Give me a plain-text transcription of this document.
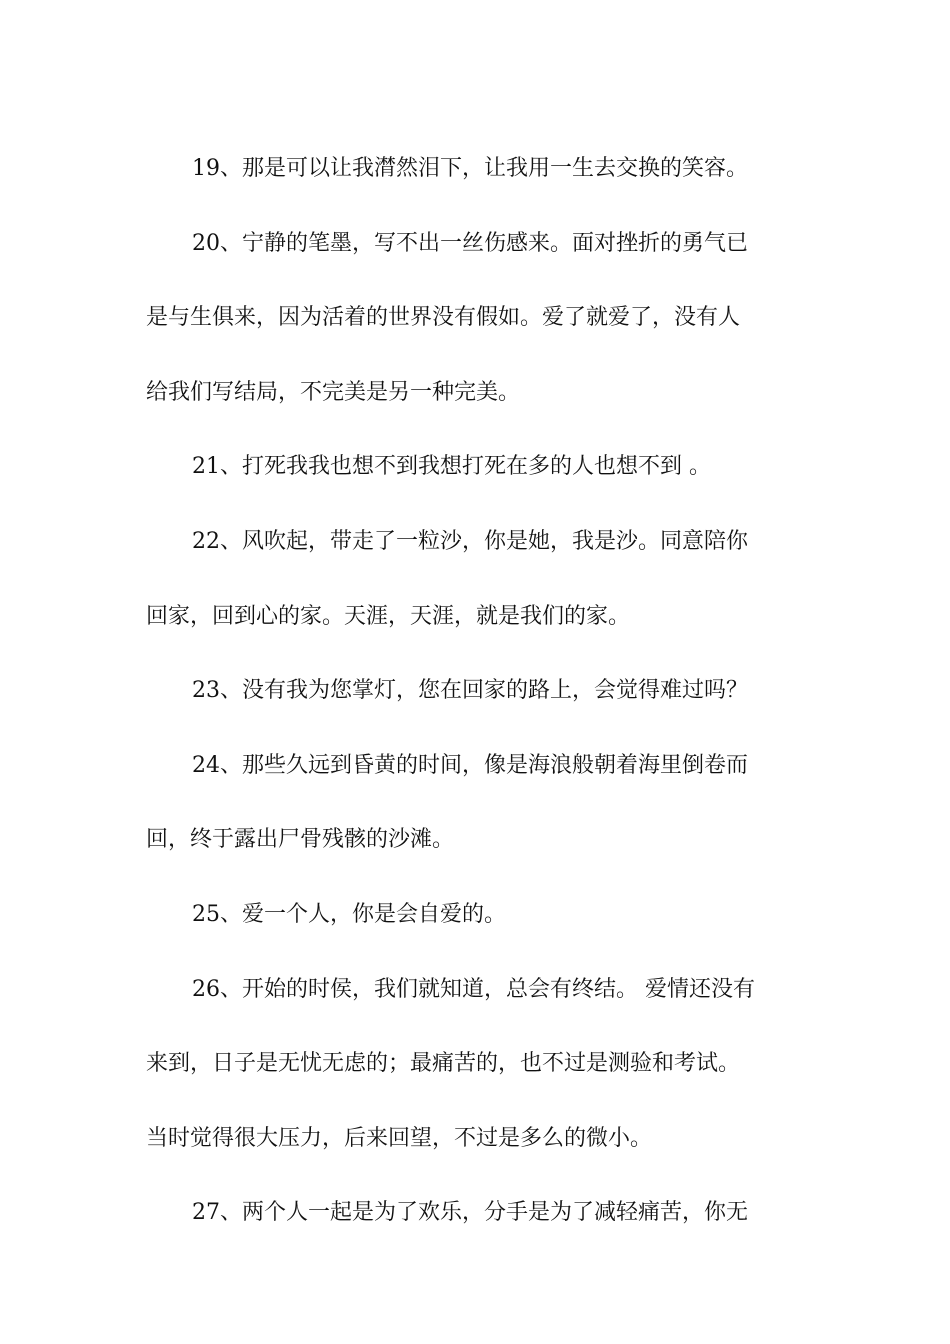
19、那是可以让我潸然泪下，让我用一生去交换的笑容。
20、宁静的笔墨，写不出一丝伤感来。面对挫折的勇气已
是与生俱来，因为活着的世界没有假如。爱了就爱了，没有人
给我们写结局，不完美是另一种完美。
21、打死我我也想不到我想打死在多的人也想不到 。
22、风吹起，带走了一粒沙，你是她，我是沙。同意陪你
回家，回到心的家。天涯，天涯，就是我们的家。
23、没有我为您掌灯，您在回家的路上，会觉得难过吗？
24、那些久远到昏黄的时间，像是海浪般朝着海里倒卷而
回，终于露出尸骨残骸的沙滩。
25、爱一个人，你是会自爱的。
26、开始的时侯，我们就知道，总会有终结。 爱情还没有
来到，日子是无忧无虑的；最痛苦的，也不过是测验和考试。
当时觉得很大压力，后来回望，不过是多么的微小。
27、两个人一起是为了欢乐，分手是为了减轻痛苦，你无
